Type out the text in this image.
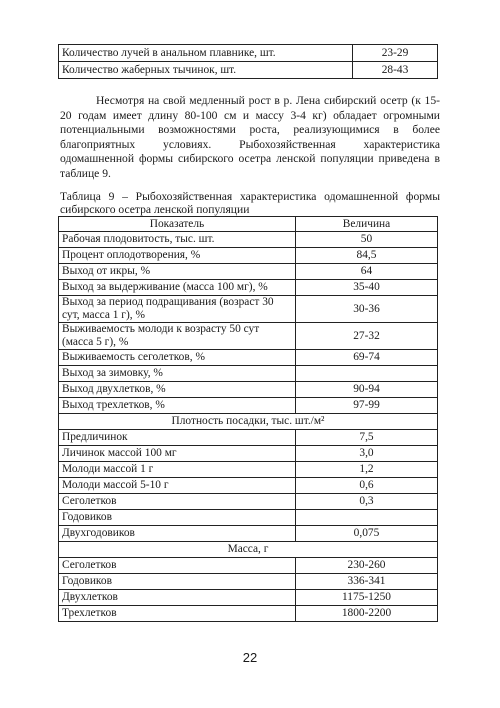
Количество лучей в анальном плавнике, шт.	23-29
Количество жаберных тычинок, шт.	28-43

Несмотря на свой медленный рост в р. Лена сибирский осетр (к 15-20 годам имеет длину 80-100 см и массу 3-4 кг) обладает огромными потенциальными возможностями роста, реализующимися в более благоприятных условиях. Рыбохозяйственная характеристика одомашненной формы сибирского осетра ленской популяции приведена в таблице 9.

Таблица 9 – Рыбохозяйственная характеристика одомашненной формы сибирского осетра ленской популяции

Показатель	Величина
Рабочая плодовитость, тыс. шт.	50
Процент оплодотворения, %	84,5
Выход от икры, %	64
Выход за выдерживание (масса 100 мг), %	35-40
Выход за период подращивания (возраст 30 сут, масса 1 г), %	30-36
Выживаемость молоди к возрасту 50 сут (масса 5 г), %	27-32
Выживаемость сеголетков, %	69-74
Выход за зимовку, %	
Выход двухлетков, %	90-94
Выход трехлетков, %	97-99
Плотность посадки, тыс. шт./м²	
Предличинок	7,5
Личинок массой 100 мг	3,0
Молоди массой 1 г	1,2
Молоди массой 5-10 г	0,6
Сеголетков	0,3
Годовиков	
Двухгодовиков	0,075
Масса, г	
Сеголетков	230-260
Годовиков	336-341
Двухлетков	1175-1250
Трехлетков	1800-2200
22
